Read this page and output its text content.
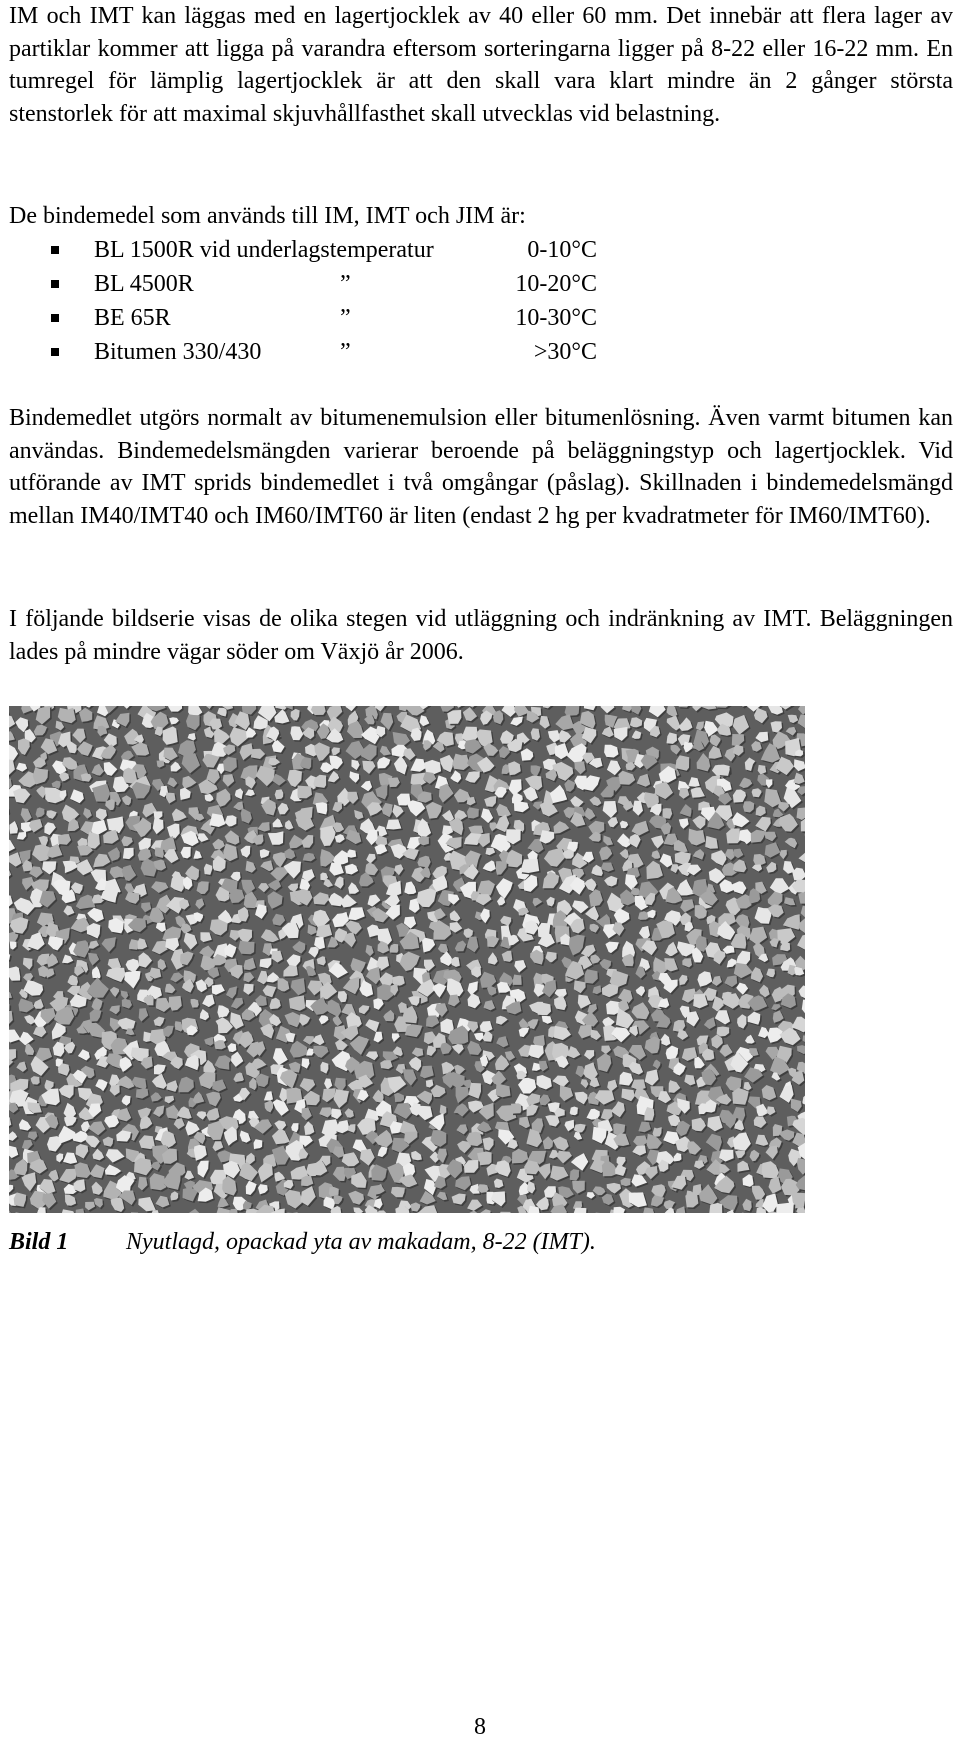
IM och IMT kan läggas med en lagertjocklek av 40 eller 60 mm. Det innebär att flera lager av partiklar kommer att ligga på varandra eftersom sorteringarna ligger på 8-22 eller 16-22 mm. En tumregel för lämplig lagertjocklek är att den skall vara klart mindre än 2 gånger största stenstorlek för att maximal skjuvhållfasthet skall utvecklas vid belastning.

De bindemedel som används till IM, IMT och JIM är:

BL 1500R vid underlagstemperatur	0-10°C
BL 4500R	”	10-20°C
BE 65R	”	10-30°C
Bitumen 330/430	”	>30°C

Bindemedlet utgörs normalt av bitumenemulsion eller bitumenlösning. Även varmt bitumen kan användas. Bindemedelsmängden varierar beroende på beläggningstyp och lagertjocklek. Vid utförande av IMT sprids bindemedlet i två omgångar (påslag). Skillnaden i bindemedelsmängd mellan IM40/IMT40 och IM60/IMT60 är liten (endast 2 hg per kvadratmeter för IM60/IMT60).

I följande bildserie visas de olika stegen vid utläggning och indränkning av IMT. Beläggningen lades på mindre vägar söder om Växjö år 2006.

Bild 1 Nyutlagd, opackad yta av makadam, 8-22 (IMT).
8
